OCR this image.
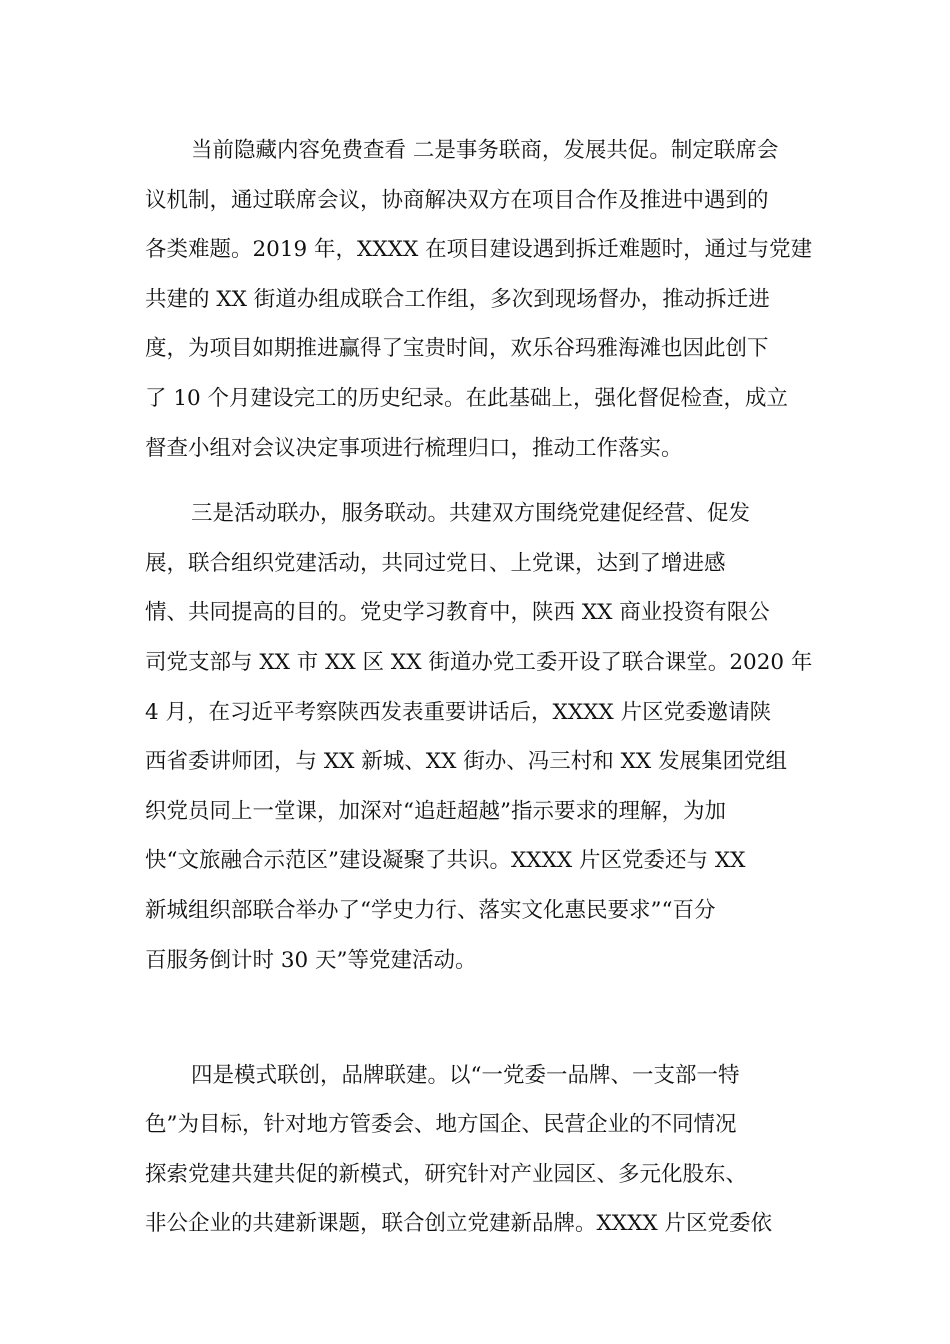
当前隐藏内容免费查看 二是事务联商，发展共促。制定联席会
议机制，通过联席会议，协商解决双方在项目合作及推进中遇到的
各类难题。2019 年，XXXX 在项目建设遇到拆迁难题时，通过与党建
共建的 XX 街道办组成联合工作组，多次到现场督办，推动拆迁进
度，为项目如期推进赢得了宝贵时间，欢乐谷玛雅海滩也因此创下
了 10 个月建设完工的历史纪录。在此基础上，强化督促检查，成立
督查小组对会议决定事项进行梳理归口，推动工作落实。
三是活动联办，服务联动。共建双方围绕党建促经营、促发
展，联合组织党建活动，共同过党日、上党课，达到了增进感
情、共同提高的目的。党史学习教育中，陕西 XX 商业投资有限公
司党支部与 XX 市 XX 区 XX 街道办党工委开设了联合课堂。2020 年
4 月，在习近平考察陕西发表重要讲话后，XXXX 片区党委邀请陕
西省委讲师团，与 XX 新城、XX 街办、冯三村和 XX 发展集团党组
织党员同上一堂课，加深对“追赶超越”指示要求的理解，为加
快“文旅融合示范区”建设凝聚了共识。XXXX 片区党委还与 XX
新城组织部联合举办了“学史力行、落实文化惠民要求”“百分
百服务倒计时 30 天”等党建活动。
四是模式联创，品牌联建。以“一党委一品牌、一支部一特
色”为目标，针对地方管委会、地方国企、民营企业的不同情况
探索党建共建共促的新模式，研究针对产业园区、多元化股东、
非公企业的共建新课题，联合创立党建新品牌。XXXX 片区党委依
